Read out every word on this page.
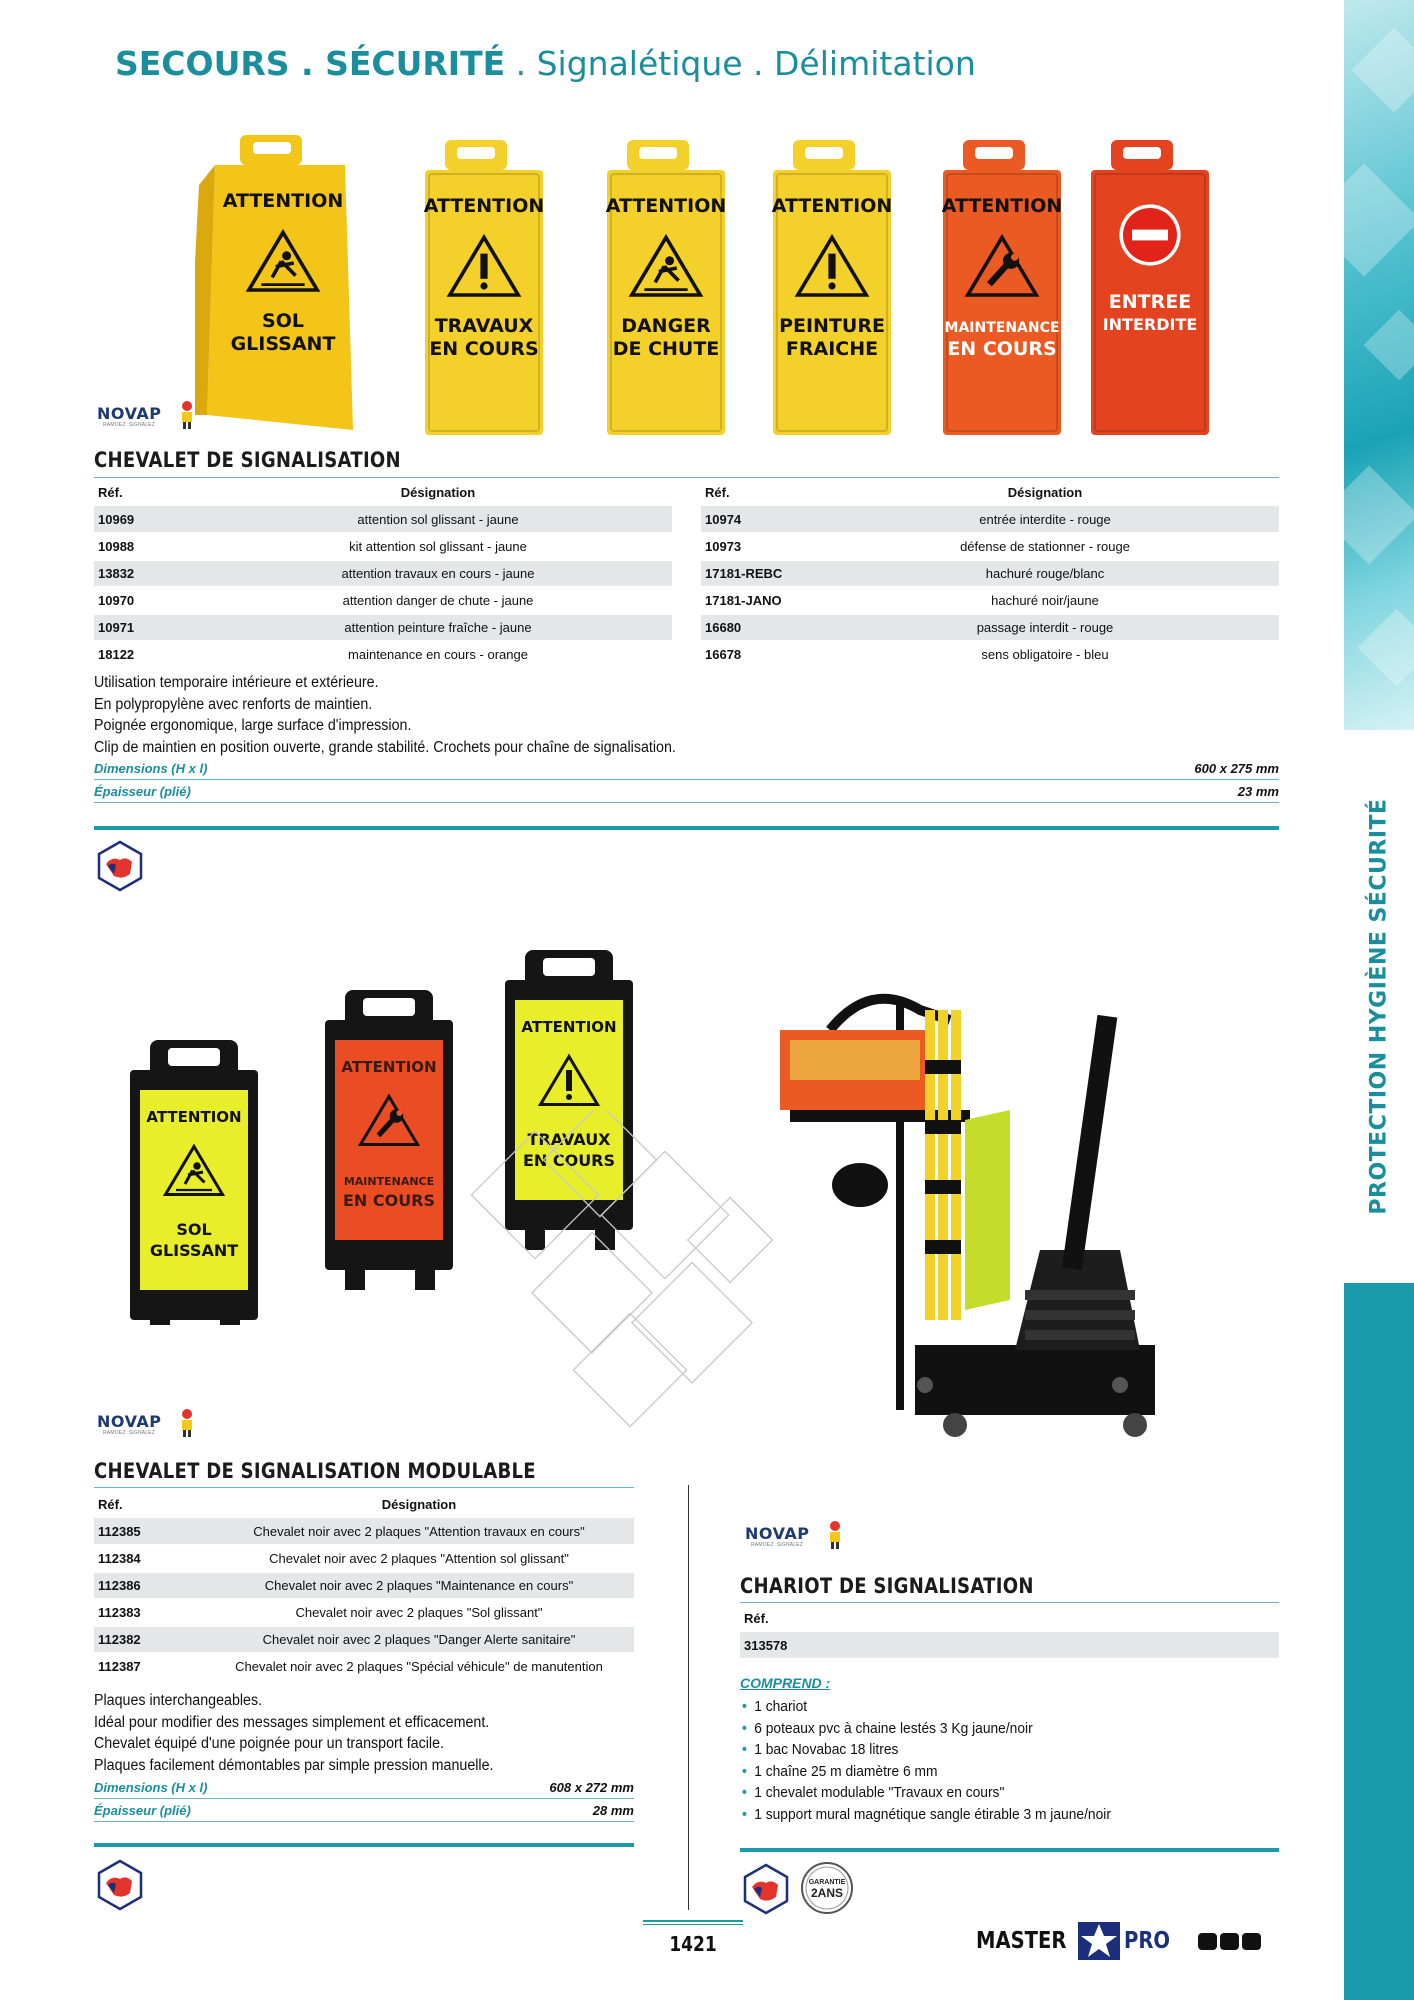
PROTECTION HYGIÈNE SÉCURITÉ
SECOURS . SÉCURITÉ . Signalétique . Délimitation
ATTENTION
SOL
GLISSANT
ATTENTION
TRAVAUX
EN COURS
ATTENTION
DANGER
DE CHUTE
ATTENTION
PEINTURE
FRAICHE
ATTENTION
MAINTENANCE
EN COURS
ENTREE
INTERDITE
NOVAP
RAMOEZ. SIGNALEZ
CHEVALET DE SIGNALISATION
Réf.	Désignation
10969	attention sol glissant - jaune
10988	kit attention sol glissant - jaune
13832	attention travaux en cours - jaune
10970	attention danger de chute - jaune
10971	attention peinture fraîche - jaune
18122	maintenance en cours - orange
Réf.	Désignation
10974	entrée interdite - rouge
10973	défense de stationner - rouge
17181-REBC	hachuré rouge/blanc
17181-JANO	hachuré noir/jaune
16680	passage interdit - rouge
16678	sens obligatoire - bleu
Utilisation temporaire intérieure et extérieure.
En polypropylène avec renforts de maintien.
Poignée ergonomique, large surface d'impression.
Clip de maintien en position ouverte, grande stabilité. Crochets pour chaîne de signalisation.
Dimensions (H x l)	600 x 275 mm
Épaisseur (plié)	23 mm
ATTENTION
SOL
GLISSANT
ATTENTION
MAINTENANCE
EN COURS
ATTENTION
TRAVAUX
EN COURS
NOVAP
RAMOEZ. SIGNALEZ
CHEVALET DE SIGNALISATION MODULABLE
Réf.	Désignation
112385	Chevalet noir avec 2 plaques "Attention travaux en cours"
112384	Chevalet noir avec 2 plaques "Attention sol glissant"
112386	Chevalet noir avec 2 plaques "Maintenance en cours"
112383	Chevalet noir avec 2 plaques "Sol glissant"
112382	Chevalet noir avec 2 plaques "Danger Alerte sanitaire"
112387	Chevalet noir avec 2 plaques "Spécial véhicule" de manutention
Plaques interchangeables.
Idéal pour modifier des messages simplement et efficacement.
Chevalet équipé d'une poignée pour un transport facile.
Plaques facilement démontables par simple pression manuelle.
Dimensions (H x l)	608 x 272 mm
Épaisseur (plié)	28 mm
NOVAP
RAMOEZ. SIGNALEZ
CHARIOT DE SIGNALISATION
Réf.
313578
COMPREND :
• 1 chariot
• 6 poteaux pvc à chaine lestés 3 Kg jaune/noir
• 1 bac Novabac 18 litres
• 1 chaîne 25 m diamètre 6 mm
• 1 chevalet modulable "Travaux en cours"
• 1 support mural magnétique sangle étirable 3 m jaune/noir
GARANTIE
2ANS
1421	MASTER	PRO
